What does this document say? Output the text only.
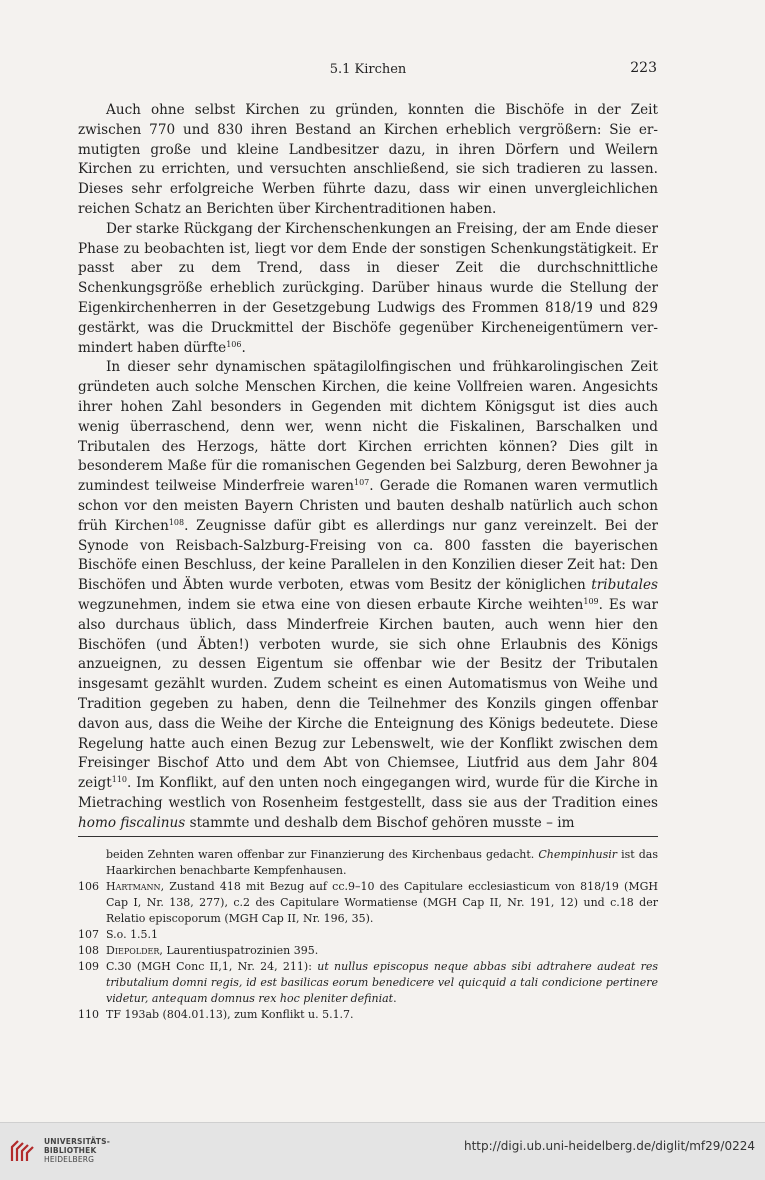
5.1 Kirchen	223

Auch ohne selbst Kirchen zu gründen, konnten die Bischöfe in der Zeit zwischen 770 und 830 ihren Bestand an Kirchen erheblich vergrößern: Sie ermutigten große und kleine Landbesitzer dazu, in ihren Dörfern und Weilern Kirchen zu errichten, und versuchten anschließend, sie sich tradieren zu lassen. Dieses sehr erfolgreiche Werben führte dazu, dass wir einen unvergleichlichen reichen Schatz an Berichten über Kirchentraditionen haben.

Der starke Rückgang der Kirchenschenkungen an Freising, der am Ende dieser Phase zu beobachten ist, liegt vor dem Ende der sonstigen Schenkungstätigkeit. Er passt aber zu dem Trend, dass in dieser Zeit die durchschnittliche Schenkungsgröße erheblich zurückging. Darüber hinaus wurde die Stellung der Eigenkirchenherren in der Gesetzgebung Ludwigs des Frommen 818/19 und 829 gestärkt, was die Druckmittel der Bischöfe gegenüber Kircheneigentümern vermindert haben dürfte$^{106}$.

In dieser sehr dynamischen spätagilolfingischen und frühkarolingischen Zeit gründeten auch solche Menschen Kirchen, die keine Vollfreien waren. Angesichts ihrer hohen Zahl besonders in Gegenden mit dichtem Königsgut ist dies auch wenig überraschend, denn wer, wenn nicht die Fiskalinen, Barschalken und Tributalen des Herzogs, hätte dort Kirchen errichten können? Dies gilt in besonderem Maße für die romanischen Gegenden bei Salzburg, deren Bewohner ja zumindest teilweise Minderfreie waren$^{107}$. Gerade die Romanen waren vermutlich schon vor den meisten Bayern Christen und bauten deshalb natürlich auch schon früh Kirchen$^{108}$. Zeugnisse dafür gibt es allerdings nur ganz vereinzelt. Bei der Synode von Reisbach-Salzburg-Freising von ca. 800 fassten die bayerischen Bischöfe einen Beschluss, der keine Parallelen in den Konzilien dieser Zeit hat: Den Bischöfen und Äbten wurde verboten, etwas vom Besitz der königlichen tributales wegzunehmen, indem sie etwa eine von diesen erbaute Kirche weihten$^{109}$. Es war also durchaus üblich, dass Minderfreie Kirchen bauten, auch wenn hier den Bischöfen (und Äbten!) verboten wurde, sie sich ohne Erlaubnis des Königs anzueignen, zu dessen Eigentum sie offenbar wie der Besitz der Tributalen insgesamt gezählt wurden. Zudem scheint es einen Automatismus von Weihe und Tradition gegeben zu haben, denn die Teilnehmer des Konzils gingen offenbar davon aus, dass die Weihe der Kirche die Enteignung des Königs bedeutete. Diese Regelung hatte auch einen Bezug zur Lebenswelt, wie der Konflikt zwischen dem Freisinger Bischof Atto und dem Abt von Chiemsee, Liutfrid aus dem Jahr 804 zeigt$^{110}$. Im Konflikt, auf den unten noch eingegangen wird, wurde für die Kirche in Mietraching westlich von Rosenheim festgestellt, dass sie aus der Tradition eines homo fiscalinus stammte und deshalb dem Bischof gehören musste – im

beiden Zehnten waren offenbar zur Finanzierung des Kirchenbaus gedacht. Chempinhusir ist das Haarkirchen benachbarte Kempfenhausen.
106 Hartmann, Zustand 418 mit Bezug auf cc.9–10 des Capitulare ecclesiasticum von 818/19 (MGH Cap I, Nr. 138, 277), c.2 des Capitulare Wormatiense (MGH Cap II, Nr. 191, 12) und c.18 der Relatio episcoporum (MGH Cap II, Nr. 196, 35).
107 S.o. 1.5.1
108 Diepolder, Laurentiuspatrozinien 395.
109 C.30 (MGH Conc II,1, Nr. 24, 211): ut nullus episcopus neque abbas sibi adtrahere audeat res tributalium domni regis, id est basilicas eorum benedicere vel quicquid a tali condicione pertinere videtur, antequam domnus rex hoc pleniter definiat.
110 TF 193ab (804.01.13), zum Konflikt u. 5.1.7.
UNIVERSITÄTS-
BIBLIOTHEK
HEIDELBERG
http://digi.ub.uni-heidelberg.de/diglit/mf29/0224
